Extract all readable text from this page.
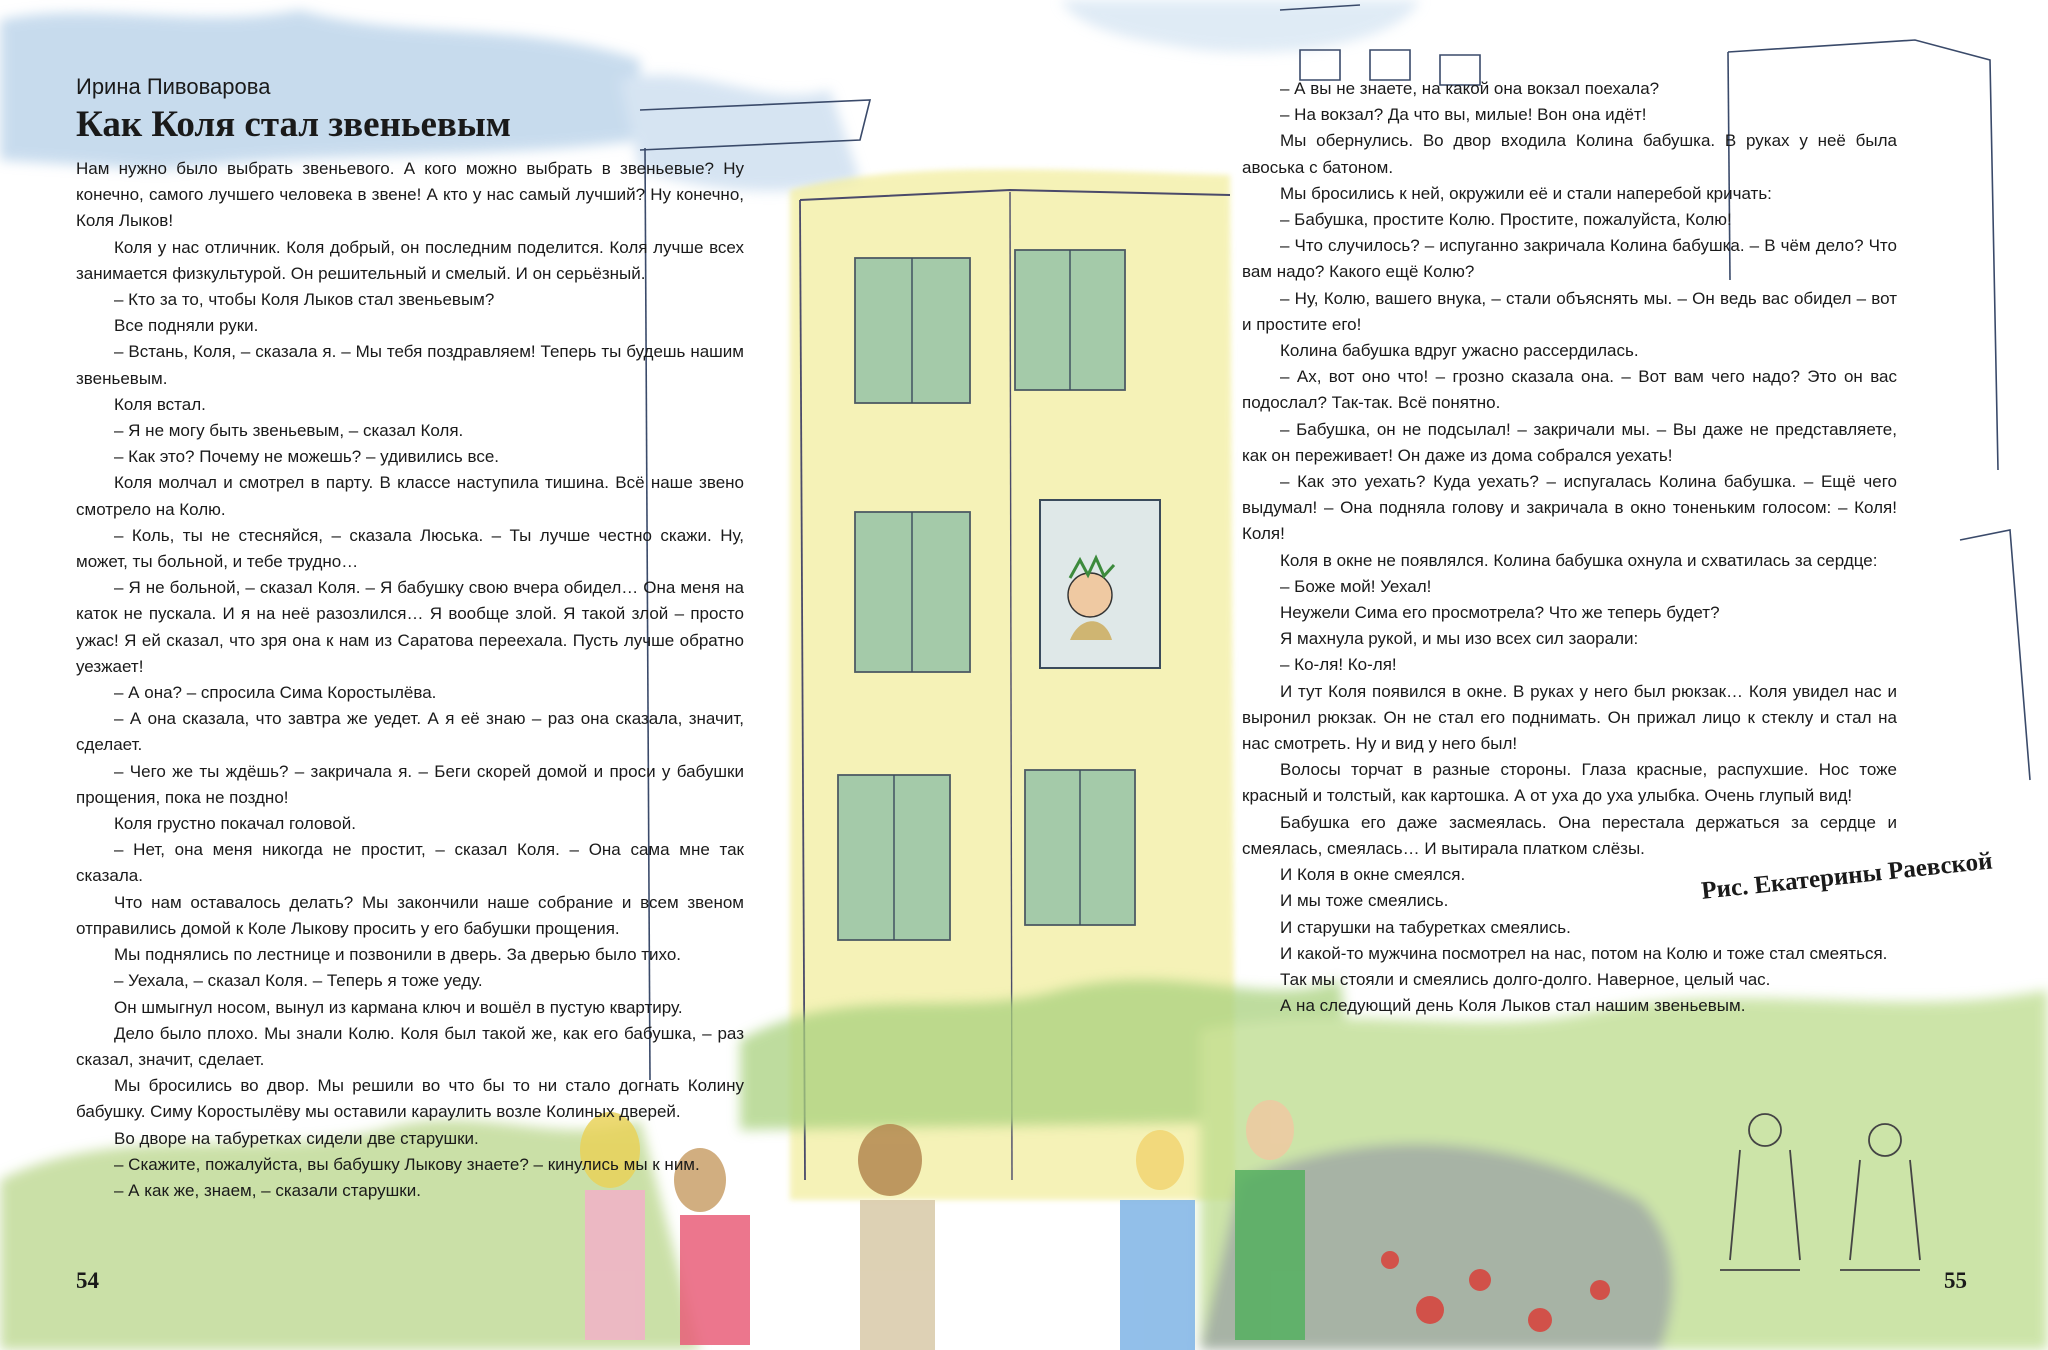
Ирина Пивоварова
Как Коля стал звеньевым

Нам нужно было выбрать звеньевого. А кого можно выбрать в звеньевые? Ну конечно, самого лучшего человека в звене! А кто у нас самый лучший? Ну конечно, Коля Лыков!

Коля у нас отличник. Коля добрый, он последним поделится. Коля лучше всех занимается физкультурой. Он решительный и смелый. И он серьёзный.

– Кто за то, чтобы Коля Лыков стал звеньевым?

Все подняли руки.

– Встань, Коля, – сказала я. – Мы тебя поздравляем! Теперь ты будешь нашим звеньевым.

Коля встал.

– Я не могу быть звеньевым, – сказал Коля.

– Как это? Почему не можешь? – удивились все.

Коля молчал и смотрел в парту. В классе наступила тишина. Всё наше звено смотрело на Колю.

– Коль, ты не стесняйся, – сказала Люська. – Ты лучше честно скажи. Ну, может, ты больной, и тебе трудно…

– Я не больной, – сказал Коля. – Я бабушку свою вчера обидел… Она меня на каток не пускала. И я на неё разозлился… Я вообще злой. Я такой злой – просто ужас! Я ей сказал, что зря она к нам из Саратова переехала. Пусть лучше обратно уезжает!

– А она? – спросила Сима Коростылёва.

– А она сказала, что завтра же уедет. А я её знаю – раз она сказала, значит, сделает.

– Чего же ты ждёшь? – закричала я. – Беги скорей домой и проси у бабушки прощения, пока не поздно!

Коля грустно покачал головой.

– Нет, она меня никогда не простит, – сказал Коля. – Она сама мне так сказала.

Что нам оставалось делать? Мы закончили наше собрание и всем звеном отправились домой к Коле Лыкову просить у его бабушки прощения.

Мы поднялись по лестнице и позвонили в дверь. За дверью было тихо.

– Уехала, – сказал Коля. – Теперь я тоже уеду.

Он шмыгнул носом, вынул из кармана ключ и вошёл в пустую квартиру.

Дело было плохо. Мы знали Колю. Коля был такой же, как его бабушка, – раз сказал, значит, сделает.

Мы бросились во двор. Мы решили во что бы то ни стало догнать Колину бабушку. Симу Коростылёву мы оставили караулить возле Колиных дверей.

Во дворе на табуретках сидели две старушки.

– Скажите, пожалуйста, вы бабушку Лыкову знаете? – кинулись мы к ним.

– А как же, знаем, – сказали старушки.

– А вы не знаете, на какой она вокзал поехала?

– На вокзал? Да что вы, милые! Вон она идёт!

Мы обернулись. Во двор входила Колина бабушка. В руках у неё была авоська с батоном.

Мы бросились к ней, окружили её и стали наперебой кричать:

– Бабушка, простите Колю. Простите, пожалуйста, Колю!

– Что случилось? – испуганно закричала Колина бабушка. – В чём дело? Что вам надо? Какого ещё Колю?

– Ну, Колю, вашего внука, – стали объяснять мы. – Он ведь вас обидел – вот и простите его!

Колина бабушка вдруг ужасно рассердилась.

– Ах, вот оно что! – грозно сказала она. – Вот вам чего надо? Это он вас подослал? Так-так. Всё понятно.

– Бабушка, он не подсылал! – закричали мы. – Вы даже не представляете, как он переживает! Он даже из дома собрался уехать!

– Как это уехать? Куда уехать? – испугалась Колина бабушка. – Ещё чего выдумал! – Она подняла голову и закричала в окно тоненьким голосом: – Коля! Коля!

Коля в окне не появлялся. Колина бабушка охнула и схватилась за сердце:

– Боже мой! Уехал!

Неужели Сима его просмотрела? Что же теперь будет?

Я махнула рукой, и мы изо всех сил заорали:

– Ко-ля! Ко-ля!

И тут Коля появился в окне. В руках у него был рюкзак… Коля увидел нас и выронил рюкзак. Он не стал его поднимать. Он прижал лицо к стеклу и стал на нас смотреть. Ну и вид у него был!

Волосы торчат в разные стороны. Глаза красные, распухшие. Нос тоже красный и толстый, как картошка. А от уха до уха улыбка. Очень глупый вид!

Бабушка его даже засмеялась. Она перестала держаться за сердце и смеялась, смеялась… И вытирала платком слёзы.

И Коля в окне смеялся.

И мы тоже смеялись.

И старушки на табуретках смеялись.

И какой-то мужчина посмотрел на нас, потом на Колю и тоже стал смеяться.

Так мы стояли и смеялись долго-долго. Наверное, целый час.

А на следующий день Коля Лыков стал нашим звеньевым.

Рис. Екатерины Раевской
54	55
